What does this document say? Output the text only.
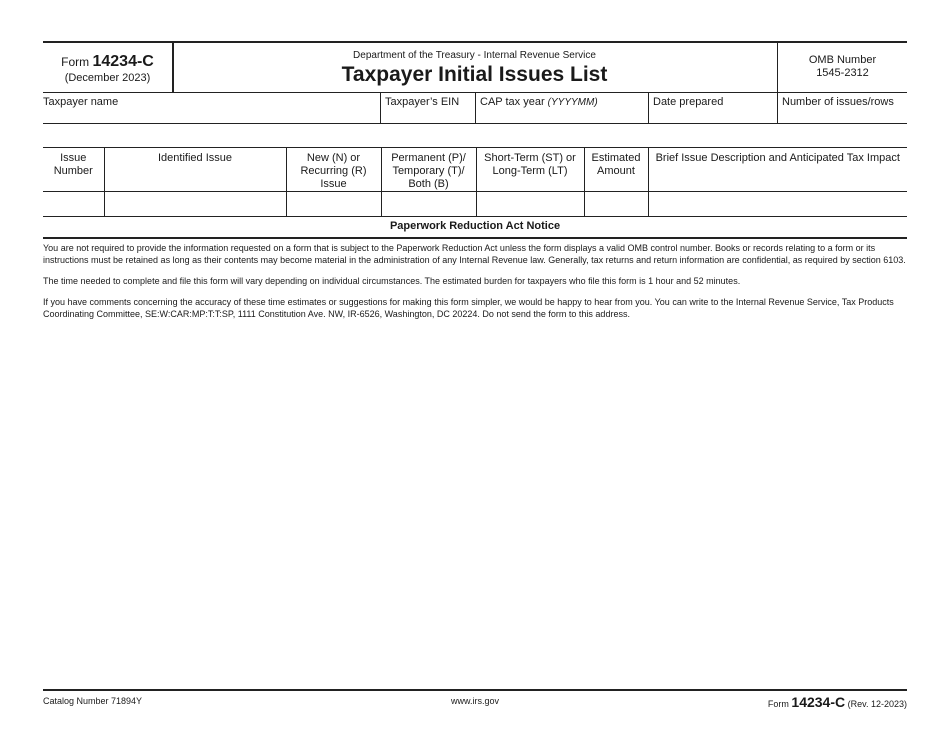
Form 14234-C
(December 2023)
Department of the Treasury - Internal Revenue Service
Taxpayer Initial Issues List
OMB Number
1545-2312
Taxpayer name	Taxpayer’s EIN	CAP tax year (YYYYMM)	Date prepared	Number of issues/rows
Issue Number	Identified Issue	New (N) or Recurring (R) Issue	Permanent (P)/ Temporary (T)/ Both (B)	Short-Term (ST) or Long-Term (LT)	Estimated Amount	Brief Issue Description and Anticipated Tax Impact

Paperwork Reduction Act Notice

You are not required to provide the information requested on a form that is subject to the Paperwork Reduction Act unless the form displays a valid OMB control number. Books or records relating to a form or its instructions must be retained as long as their contents may become material in the administration of any Internal Revenue law. Generally, tax returns and return information are confidential, as required by section 6103.

The time needed to complete and file this form will vary depending on individual circumstances. The estimated burden for taxpayers who file this form is 1 hour and 52 minutes.

If you have comments concerning the accuracy of these time estimates or suggestions for making this form simpler, we would be happy to hear from you. You can write to the Internal Revenue Service, Tax Products Coordinating Committee, SE:W:CAR:MP:T:T:SP, 1111 Constitution Ave. NW, IR-6526, Washington, DC 20224. Do not send the form to this address.

Catalog Number 71894Y	www.irs.gov	Form 14234-C (Rev. 12-2023)
